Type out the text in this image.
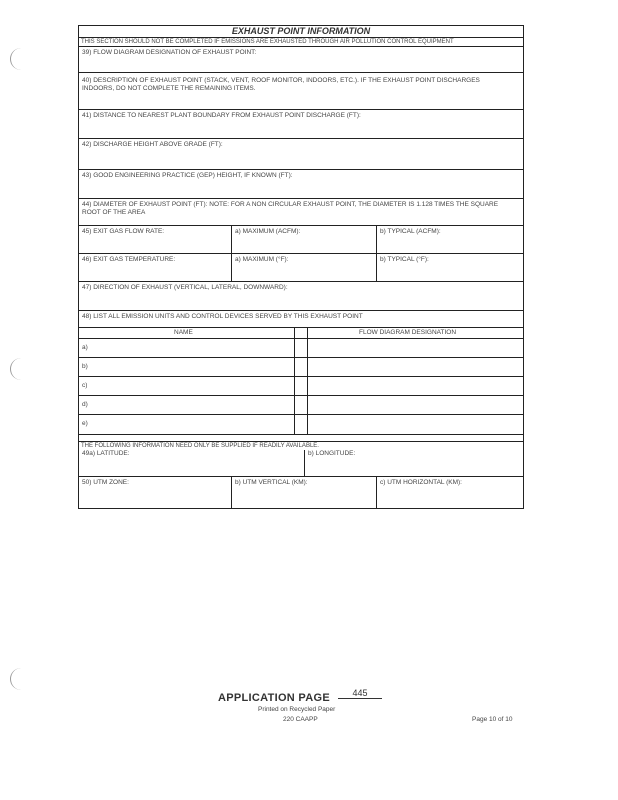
EXHAUST POINT INFORMATION
THIS SECTION SHOULD NOT BE COMPLETED IF EMISSIONS ARE EXHAUSTED THROUGH AIR POLLUTION CONTROL EQUIPMENT
39) FLOW DIAGRAM DESIGNATION OF EXHAUST POINT:
40) DESCRIPTION OF EXHAUST POINT (STACK, VENT, ROOF MONITOR, INDOORS, ETC.). IF THE EXHAUST POINT DISCHARGES INDOORS, DO NOT COMPLETE THE REMAINING ITEMS.
41) DISTANCE TO NEAREST PLANT BOUNDARY FROM EXHAUST POINT DISCHARGE (FT):
42) DISCHARGE HEIGHT ABOVE GRADE (FT):
43) GOOD ENGINEERING PRACTICE (GEP) HEIGHT, IF KNOWN (FT):
44) DIAMETER OF EXHAUST POINT (FT): NOTE: FOR A NON CIRCULAR EXHAUST POINT, THE DIAMETER IS 1.128 TIMES THE SQUARE ROOT OF THE AREA
45) EXIT GAS FLOW RATE:	a) MAXIMUM (ACFM):	b) TYPICAL (ACFM):
46) EXIT GAS TEMPERATURE:	a) MAXIMUM (°F):	b) TYPICAL (°F):
47) DIRECTION OF EXHAUST (VERTICAL, LATERAL, DOWNWARD):
48) LIST ALL EMISSION UNITS AND CONTROL DEVICES SERVED BY THIS EXHAUST POINT
NAME	FLOW DIAGRAM DESIGNATION
a)
b)
c)
d)
e)
THE FOLLOWING INFORMATION NEED ONLY BE SUPPLIED IF READILY AVAILABLE.
49a) LATITUDE:	b) LONGITUDE:
50) UTM ZONE:	b) UTM VERTICAL (KM):	c) UTM HORIZONTAL (KM):
APPLICATION PAGE	445
Printed on Recycled Paper
220 CAAPP	Page 10 of 10
